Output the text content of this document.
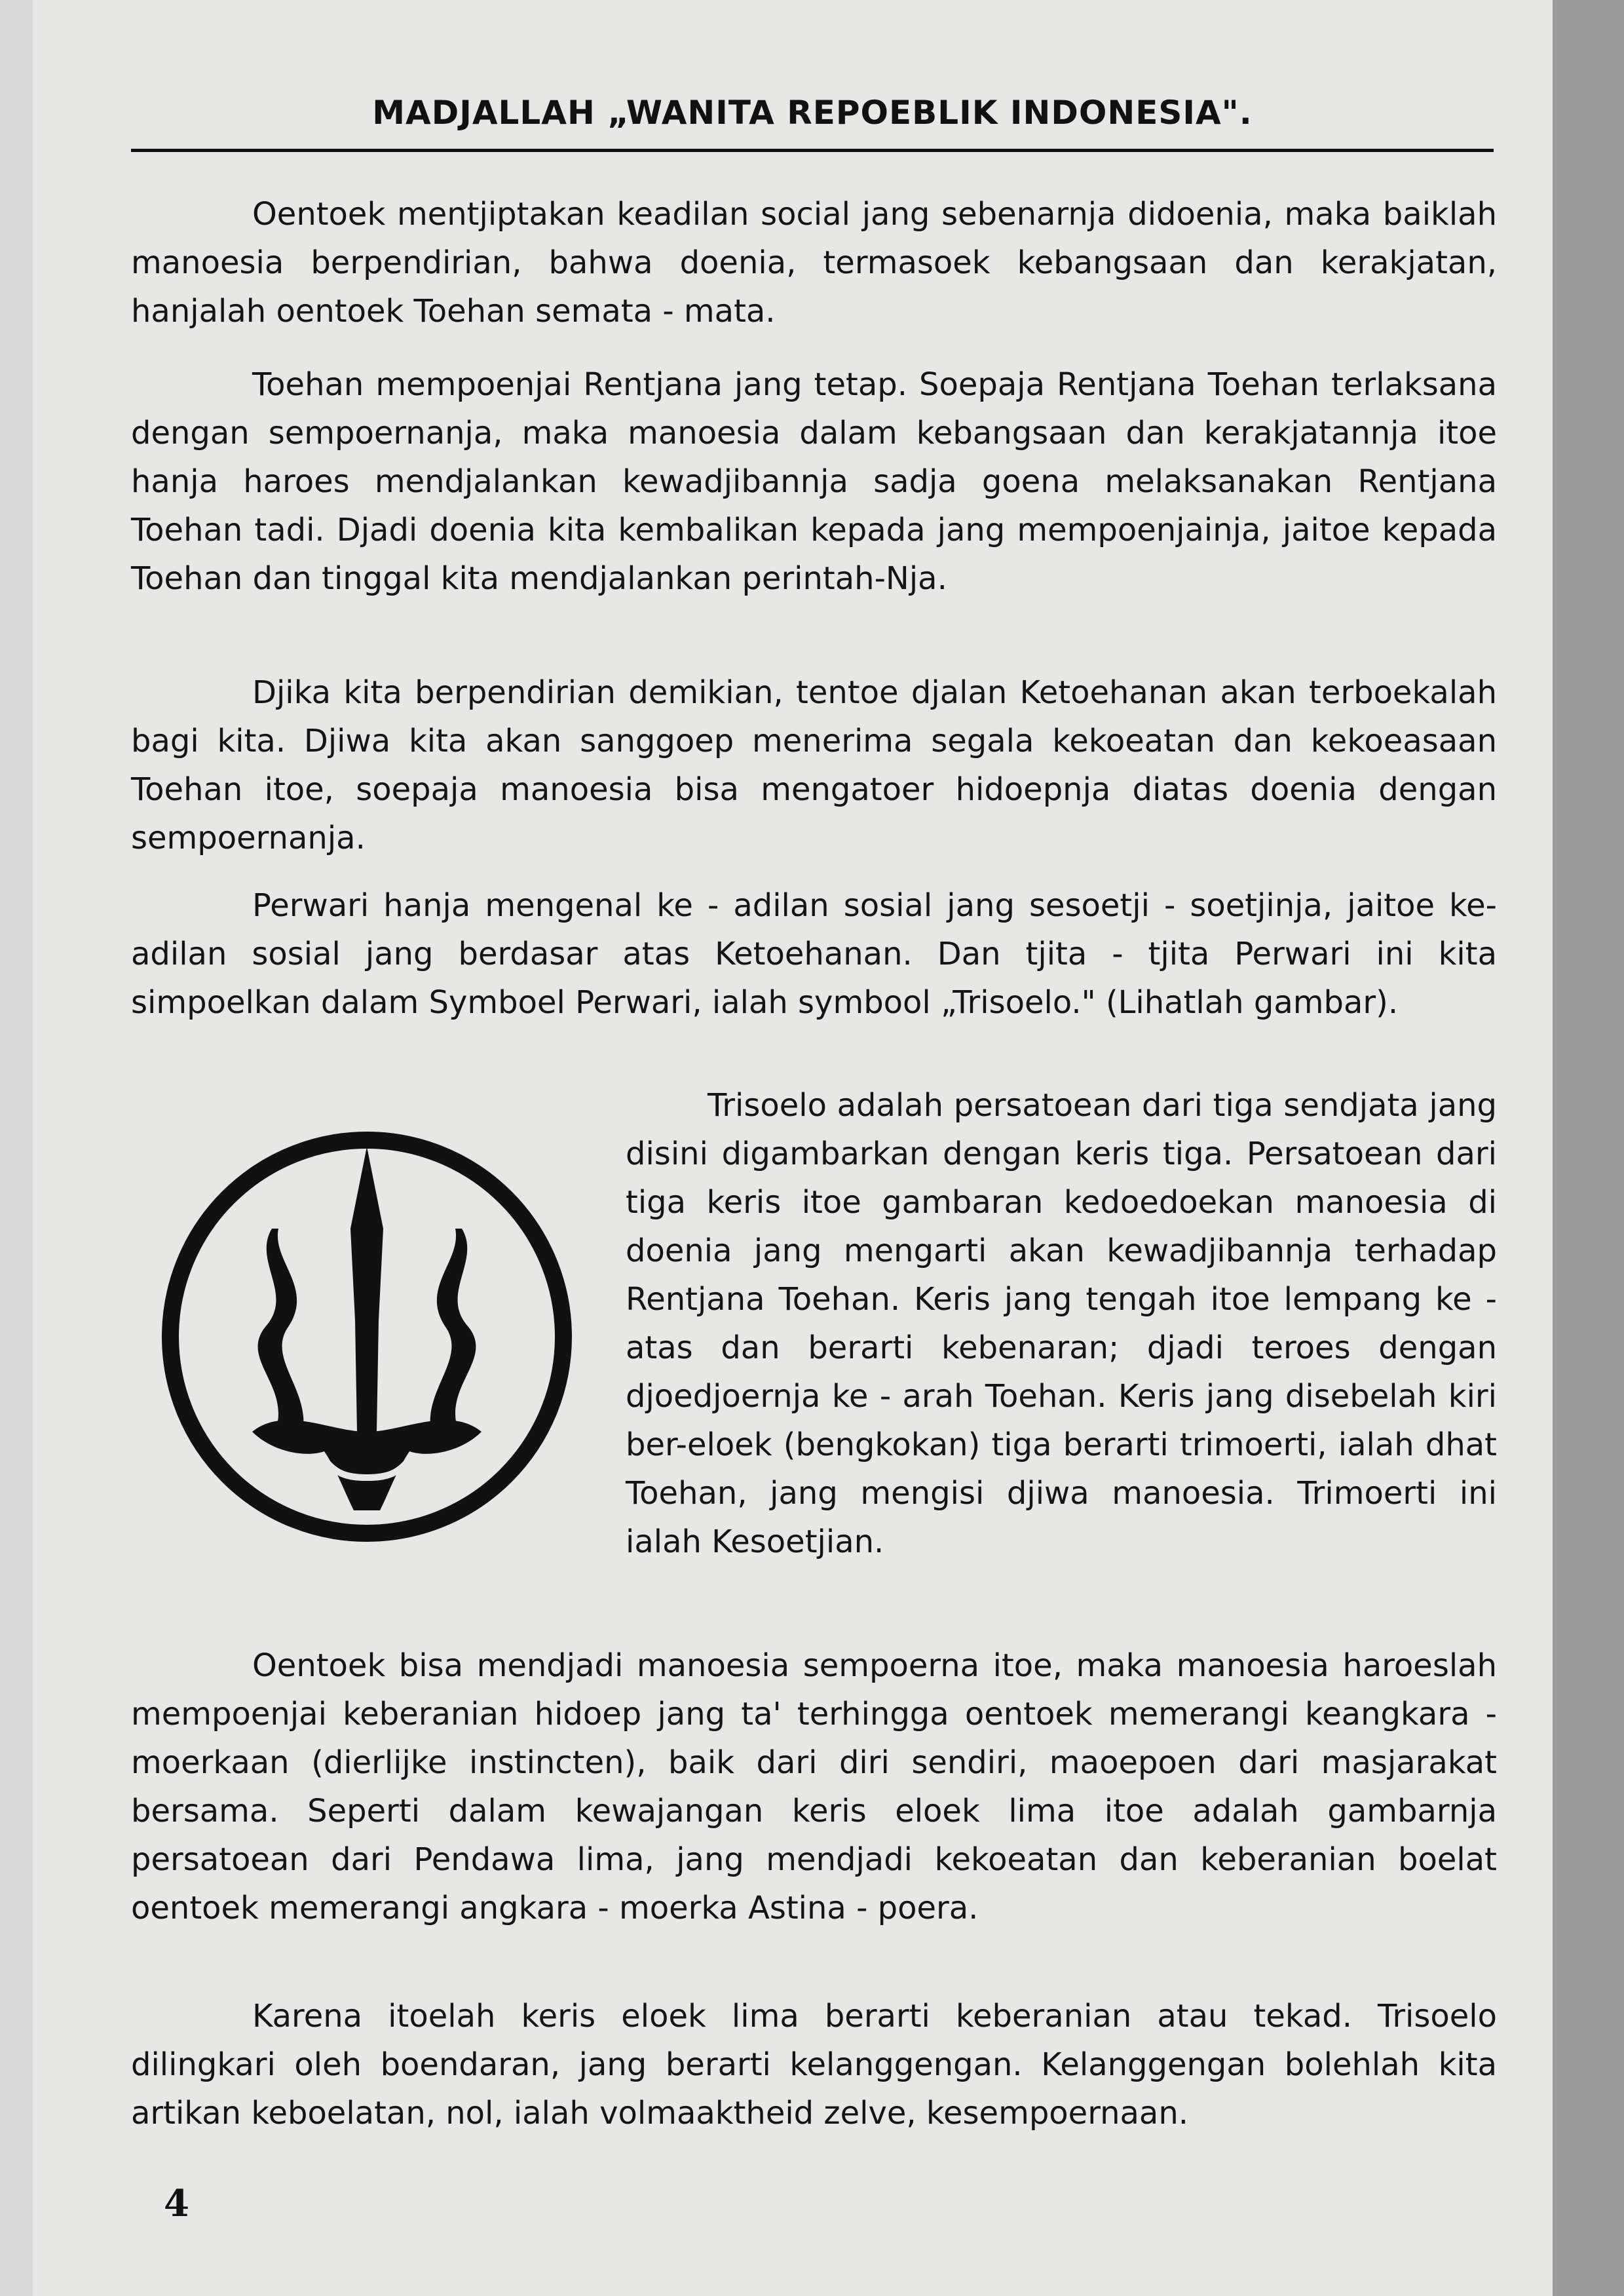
MADJALLAH „WANITA REPOEBLIK INDONESIA".

Oentoek mentjiptakan keadilan social jang sebenarnja didoenia, maka baiklah manoesia berpendirian, bahwa doenia, termasoek kebangsaan dan kerakjatan, hanjalah oentoek Toehan semata - mata.

Toehan mempoenjai Rentjana jang tetap. Soepaja Rentjana Toehan terlaksana dengan sempoernanja, maka manoesia dalam kebangsaan dan kerakjatannja itoe hanja haroes mendjalankan kewadjibannja sadja goena melaksanakan Rentjana Toehan tadi. Djadi doenia kita kembalikan kepada jang mempoenjainja, jaitoe kepada Toehan dan tinggal kita mendjalankan perintah-Nja.

Djika kita berpendirian demikian, tentoe djalan Ketoehanan akan terboekalah bagi kita. Djiwa kita akan sanggoep menerima segala kekoeatan dan kekoeasaan Toehan itoe, soepaja manoesia bisa mengatoer hidoepnja diatas doenia dengan sempoernanja.

Perwari hanja mengenal ke - adilan sosial jang sesoetji - soetjinja, jaitoe ke-adilan sosial jang berdasar atas Ketoehanan. Dan tjita - tjita Perwari ini kita simpoelkan dalam Symboel Perwari, ialah symbool „Trisoelo." (Lihatlah gambar).

Trisoelo adalah persatoean dari tiga sendjata jang disini digambarkan dengan keris tiga. Persatoean dari tiga keris itoe gambaran kedoedoekan manoesia di doenia jang mengarti akan kewadjibannja terhadap Rentjana Toehan. Keris jang tengah itoe lempang ke - atas dan berarti kebenaran; djadi teroes dengan djoedjoernja ke - arah Toehan. Keris jang disebelah kiri ber-eloek (bengkokan) tiga berarti trimoerti, ialah dhat Toehan, jang mengisi djiwa manoesia. Trimoerti ini ialah Kesoetjian.

Oentoek bisa mendjadi manoesia sempoerna itoe, maka manoesia haroeslah mempoenjai keberanian hidoep jang ta' terhingga oentoek memerangi keangkara - moerkaan (dierlijke instincten), baik dari diri sendiri, maoepoen dari masjarakat bersama. Seperti dalam kewajangan keris eloek lima itoe adalah gambarnja persatoean dari Pendawa lima, jang mendjadi kekoeatan dan keberanian boelat oentoek memerangi angkara - moerka Astina - poera.

Karena itoelah keris eloek lima berarti keberanian atau tekad. Trisoelo dilingkari oleh boendaran, jang berarti kelanggengan. Kelanggengan bolehlah kita artikan keboelatan, nol, ialah volmaaktheid zelve, kesempoernaan.

4
